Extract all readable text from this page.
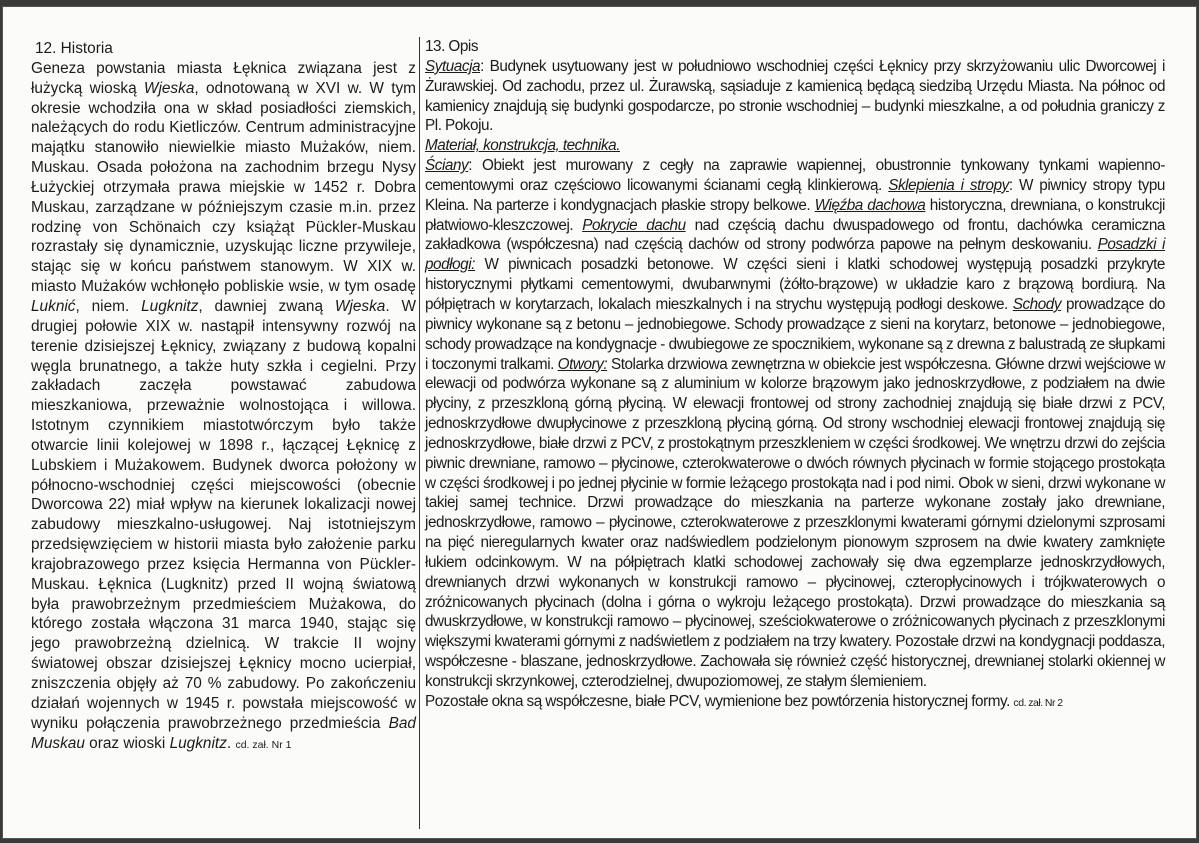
12. Historia

Geneza powstania miasta Łęknica związana jest z łużycką wioską Wjeska, odnotowaną w XVI w. W tym okresie wchodziła ona w skład posiadłości ziemskich, należących do rodu Kietliczów. Centrum administracyjne majątku stanowiło niewielkie miasto Mużaków, niem. Muskau. Osada położona na zachodnim brzegu Nysy Łużyckiej otrzymała prawa miejskie w 1452 r. Dobra Muskau, zarządzane w późniejszym czasie m.in. przez rodzinę von Schönaich czy książąt Pückler-Muskau rozrastały się dynamicznie, uzyskując liczne przywileje, stając się w końcu państwem stanowym. W XIX w. miasto Mużaków wchłonęło pobliskie wsie, w tym osadę Luknić, niem. Lugknitz, dawniej zwaną Wjeska. W drugiej połowie XIX w. nastąpił intensywny rozwój na terenie dzisiejszej Łęknicy, związany z budową kopalni węgla brunatnego, a także huty szkła i cegielni. Przy zakładach zaczęła powstawać zabudowa mieszkaniowa, przeważnie wolnostojąca i willowa. Istotnym czynnikiem miastotwórczym było także otwarcie linii kolejowej w 1898 r., łączącej Łęknicę z Lubskiem i Mużakowem. Budynek dworca położony w północno-wschodniej części miejscowości (obecnie Dworcowa 22) miał wpływ na kierunek lokalizacji nowej zabudowy mieszkalno-usługowej. Naj istotniejszym przedsięwzięciem w historii miasta było założenie parku krajobrazowego przez księcia Hermanna von Pückler-Muskau. Łęknica (Lugknitz) przed II wojną światową była prawobrzeżnym przedmieściem Mużakowa, do którego została włączona 31 marca 1940, stając się jego prawobrzeżną dzielnicą. W trakcie II wojny światowej obszar dzisiejszej Łęknicy mocno ucierpiał, zniszczenia objęły aż 70 % zabudowy. Po zakończeniu działań wojennych w 1945 r. powstała miejscowość w wyniku połączenia prawobrzeżnego przedmieścia Bad Muskau oraz wioski Lugknitz. cd. zał. Nr 1

13. Opis

Sytuacja: Budynek usytuowany jest w południowo wschodniej części Łęknicy przy skrzyżowaniu ulic Dworcowej i Żurawskiej. Od zachodu, przez ul. Żurawską, sąsiaduje z kamienicą będącą siedzibą Urzędu Miasta. Na północ od kamienicy znajdują się budynki gospodarcze, po stronie wschodniej – budynki mieszkalne, a od południa graniczy z Pl. Pokoju.

Materiał, konstrukcja, technika.

Ściany: Obiekt jest murowany z cegły na zaprawie wapiennej, obustronnie tynkowany tynkami wapienno-cementowymi oraz częściowo licowanymi ścianami cegłą klinkierową. Sklepienia i stropy: W piwnicy stropy typu Kleina. Na parterze i kondygnacjach płaskie stropy belkowe. Więźba dachowa historyczna, drewniana, o konstrukcji płatwiowo-kleszczowej. Pokrycie dachu nad częścią dachu dwuspadowego od frontu, dachówka ceramiczna zakładkowa (współczesna) nad częścią dachów od strony podwórza papowe na pełnym deskowaniu. Posadzki i podłogi: W piwnicach posadzki betonowe. W części sieni i klatki schodowej występują posadzki przykryte historycznymi płytkami cementowymi, dwubarwnymi (żółto-brązowe) w układzie karo z brązową bordiurą. Na półpiętrach w korytarzach, lokalach mieszkalnych i na strychu występują podłogi deskowe. Schody prowadzące do piwnicy wykonane są z betonu – jednobiegowe. Schody prowadzące z sieni na korytarz, betonowe – jednobiegowe, schody prowadzące na kondygnacje - dwubiegowe ze spocznikiem, wykonane są z drewna z balustradą ze słupkami i toczonymi tralkami. Otwory: Stolarka drzwiowa zewnętrzna w obiekcie jest współczesna. Główne drzwi wejściowe w elewacji od podwórza wykonane są z aluminium w kolorze brązowym jako jednoskrzydłowe, z podziałem na dwie płyciny, z przeszkloną górną płyciną. W elewacji frontowej od strony zachodniej znajdują się białe drzwi z PCV, jednoskrzydłowe dwupłycinowe z przeszkloną płyciną górną. Od strony wschodniej elewacji frontowej znajdują się jednoskrzydłowe, białe drzwi z PCV, z prostokątnym przeszkleniem w części środkowej. We wnętrzu drzwi do zejścia piwnic drewniane, ramowo – płycinowe, czterokwaterowe o dwóch równych płycinach w formie stojącego prostokąta w części środkowej i po jednej płycinie w formie leżącego prostokąta nad i pod nimi. Obok w sieni, drzwi wykonane w takiej samej technice. Drzwi prowadzące do mieszkania na parterze wykonane zostały jako drewniane, jednoskrzydłowe, ramowo – płycinowe, czterokwaterowe z przeszklonymi kwaterami górnymi dzielonymi szprosami na pięć nieregularnych kwater oraz nadświedlem podzielonym pionowym szprosem na dwie kwatery zamknięte łukiem odcinkowym. W na półpiętrach klatki schodowej zachowały się dwa egzemplarze jednoskrzydłowych, drewnianych drzwi wykonanych w konstrukcji ramowo – płycinowej, czteropłycinowych i trójkwaterowych o zróżnicowanych płycinach (dolna i górna o wykroju leżącego prostokąta). Drzwi prowadzące do mieszkania są dwuskrzydłowe, w konstrukcji ramowo – płycinowej, sześciokwaterowe o zróżnicowanych płycinach z przeszklonymi większymi kwaterami górnymi z nadświetlem z podziałem na trzy kwatery. Pozostałe drzwi na kondygnacji poddasza, współczesne - blaszane, jednoskrzydłowe. Zachowała się również część historycznej, drewnianej stolarki okiennej w konstrukcji skrzynkowej, czterodzielnej, dwupoziomowej, ze stałym ślemieniem.

Pozostałe okna są współczesne, białe PCV, wymienione bez powtórzenia historycznej formy. cd. zał. Nr 2
